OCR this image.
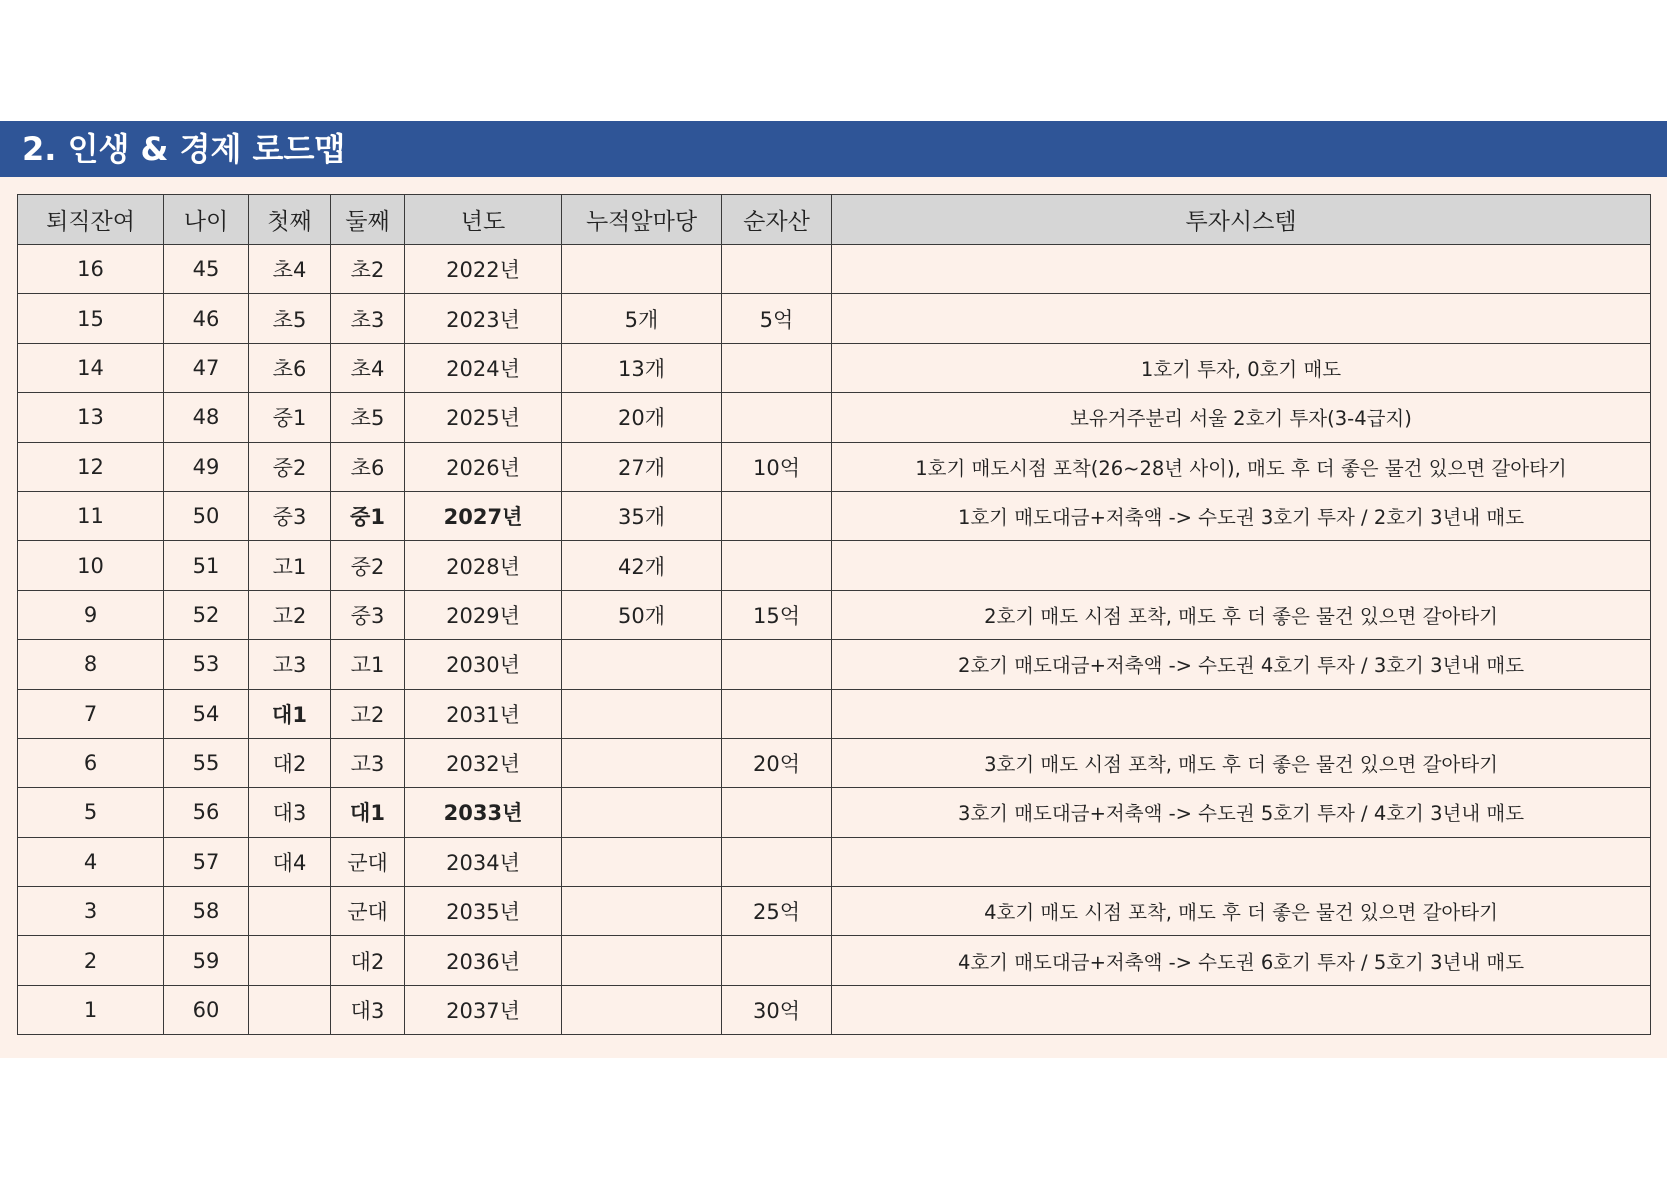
2. 인생 & 경제 로드맵
퇴직잔여	나이	첫째	둘째	년도	누적앞마당	순자산	투자시스템
16	45	초4	초2	2022년			
15	46	초5	초3	2023년	5개	5억	
14	47	초6	초4	2024년	13개		1호기 투자, 0호기 매도
13	48	중1	초5	2025년	20개		보유거주분리 서울 2호기 투자(3-4급지)
12	49	중2	초6	2026년	27개	10억	1호기 매도시점 포착(26~28년 사이), 매도 후 더 좋은 물건 있으면 갈아타기
11	50	중3	중1	2027년	35개		1호기 매도대금+저축액 -> 수도권 3호기 투자 / 2호기 3년내 매도
10	51	고1	중2	2028년	42개		
9	52	고2	중3	2029년	50개	15억	2호기 매도 시점 포착, 매도 후 더 좋은 물건 있으면 갈아타기
8	53	고3	고1	2030년			2호기 매도대금+저축액 -> 수도권 4호기 투자 / 3호기 3년내 매도
7	54	대1	고2	2031년			
6	55	대2	고3	2032년		20억	3호기 매도 시점 포착, 매도 후 더 좋은 물건 있으면 갈아타기
5	56	대3	대1	2033년			3호기 매도대금+저축액 -> 수도권 5호기 투자 / 4호기 3년내 매도
4	57	대4	군대	2034년			
3	58		군대	2035년		25억	4호기 매도 시점 포착, 매도 후 더 좋은 물건 있으면 갈아타기
2	59		대2	2036년			4호기 매도대금+저축액 -> 수도권 6호기 투자 / 5호기 3년내 매도
1	60		대3	2037년		30억	
